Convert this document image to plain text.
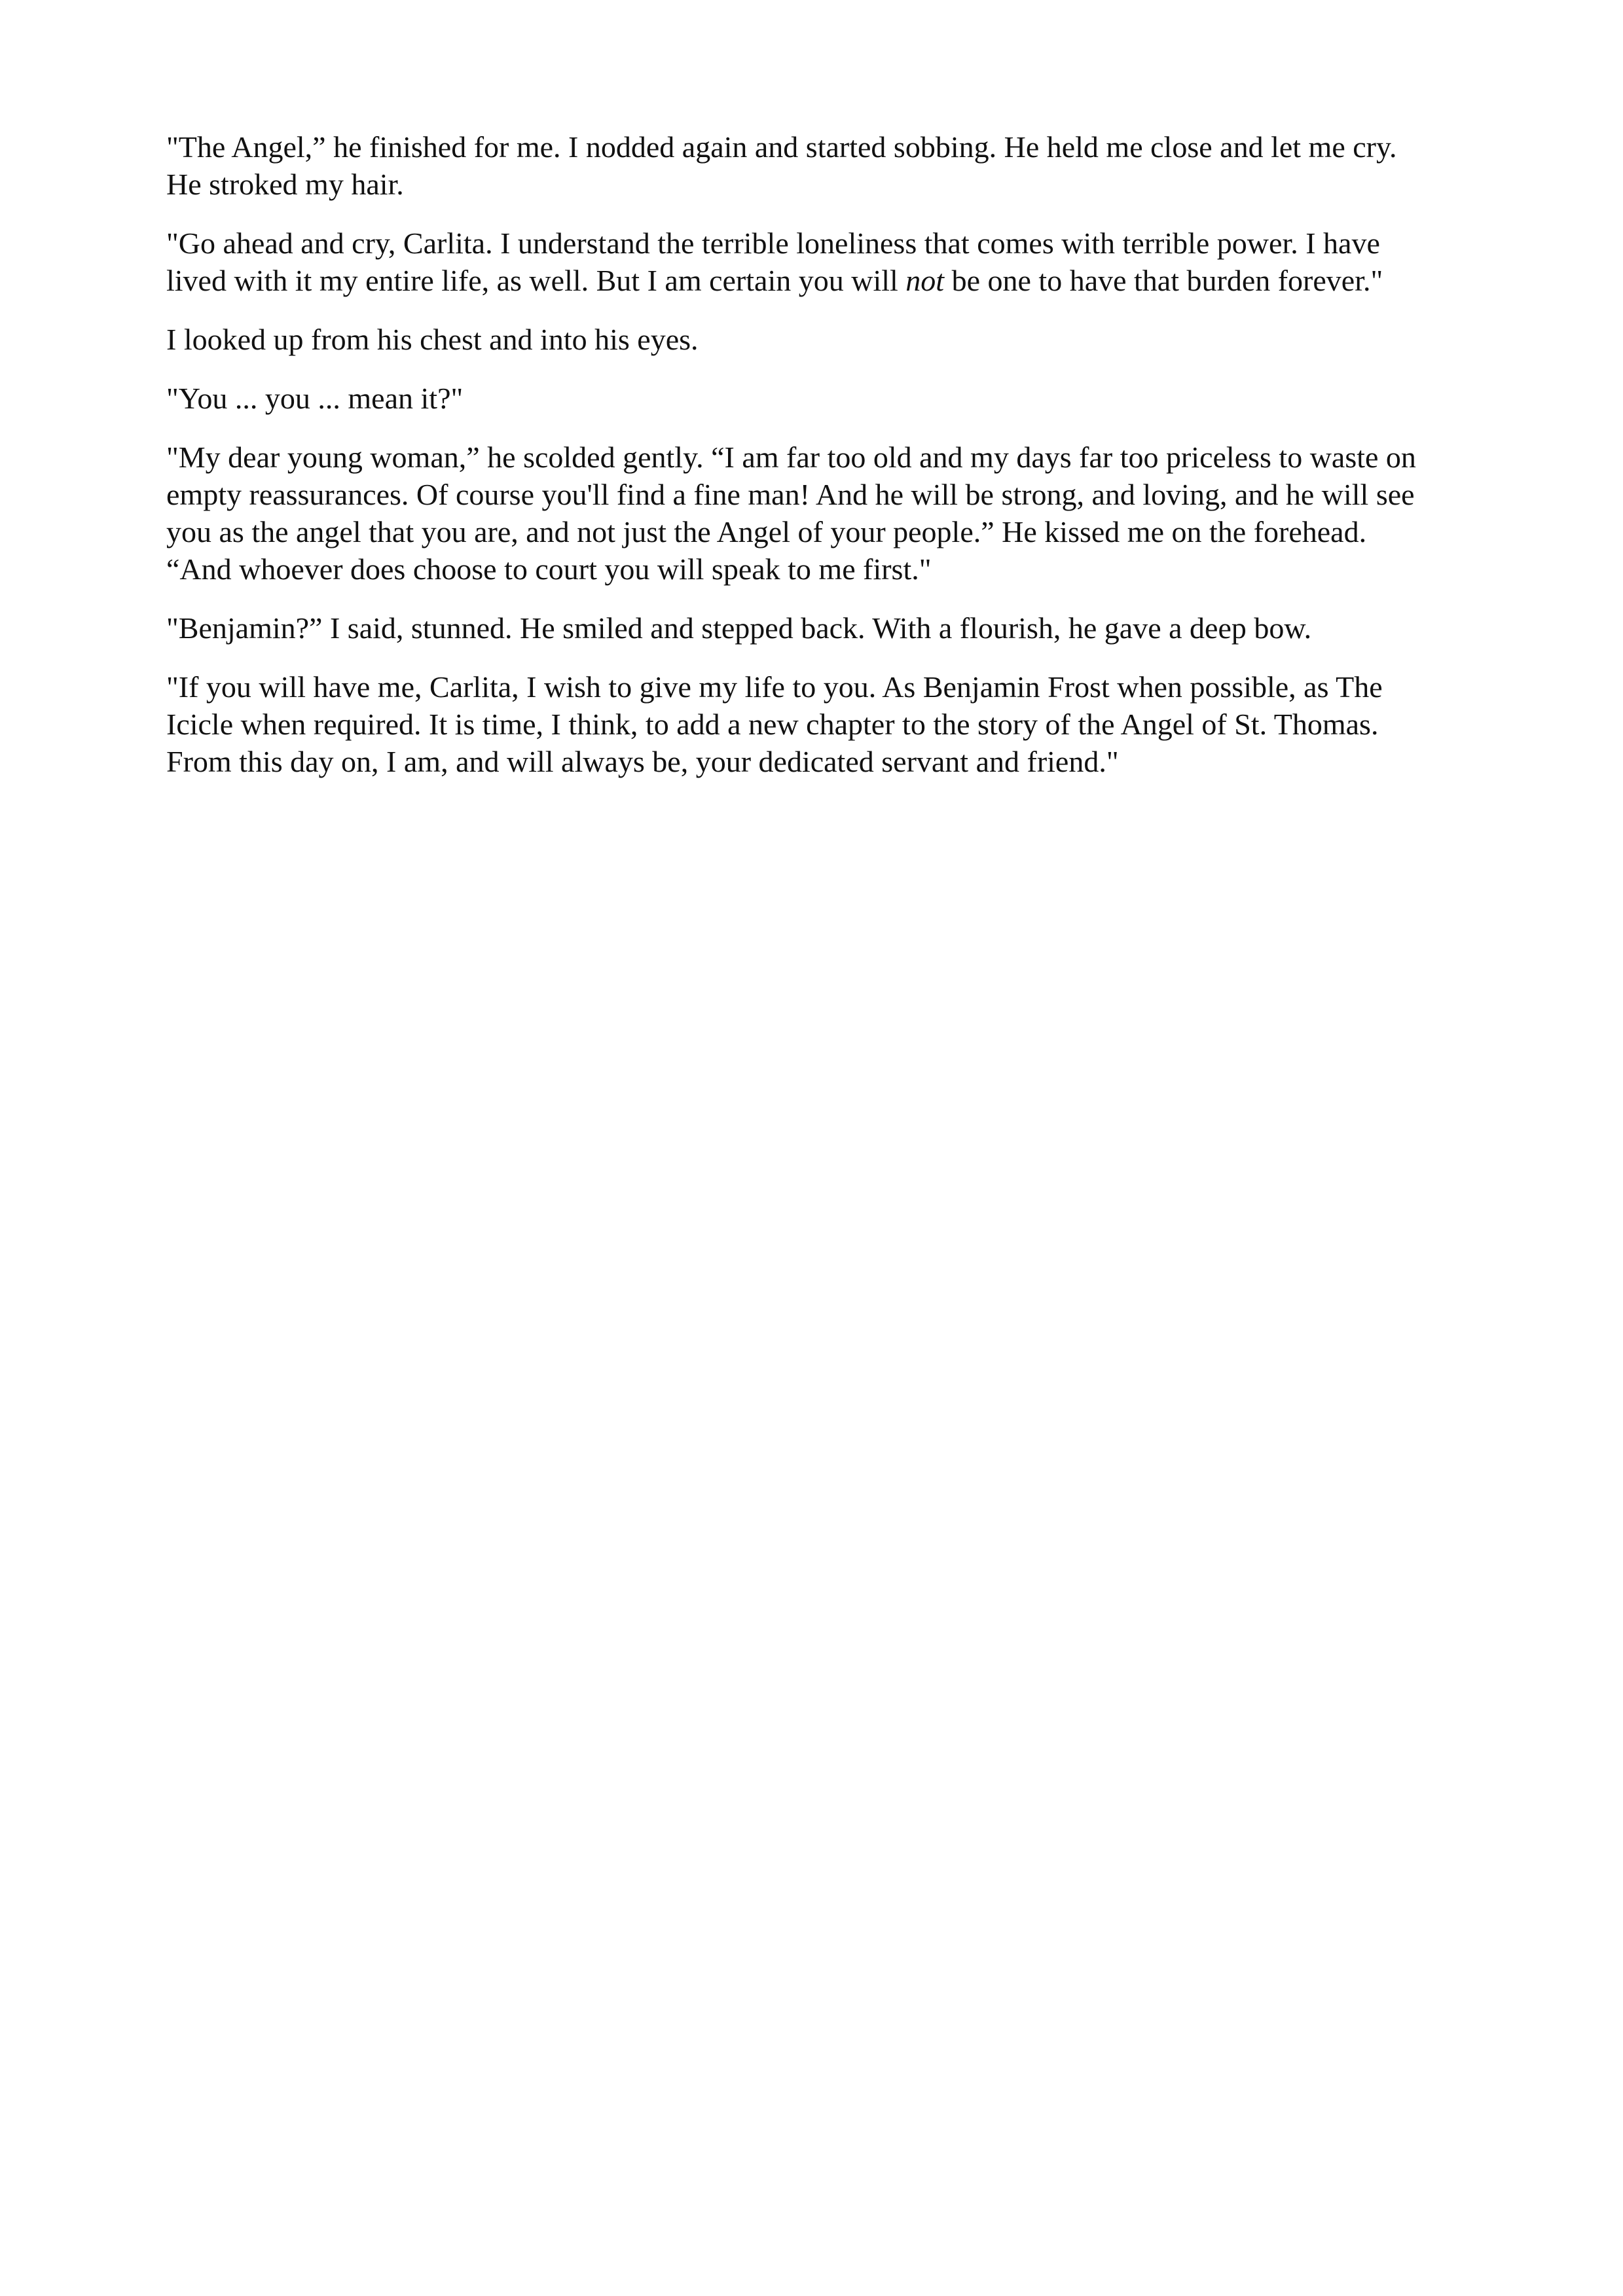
"The Angel,” he finished for me. I nodded again and started sobbing. He held me close and let me cry.
He stroked my hair.

"Go ahead and cry, Carlita. I understand the terrible loneliness that comes with terrible power. I have
lived with it my entire life, as well. But I am certain you will not be one to have that burden forever."

I looked up from his chest and into his eyes.

"You ... you ... mean it?"

"My dear young woman,” he scolded gently. “I am far too old and my days far too priceless to waste on
empty reassurances. Of course you'll find a fine man! And he will be strong, and loving, and he will see
you as the angel that you are, and not just the Angel of your people.” He kissed me on the forehead.
“And whoever does choose to court you will speak to me first."

"Benjamin?” I said, stunned. He smiled and stepped back. With a flourish, he gave a deep bow.

"If you will have me, Carlita, I wish to give my life to you. As Benjamin Frost when possible, as The
Icicle when required. It is time, I think, to add a new chapter to the story of the Angel of St. Thomas.
From this day on, I am, and will always be, your dedicated servant and friend."
